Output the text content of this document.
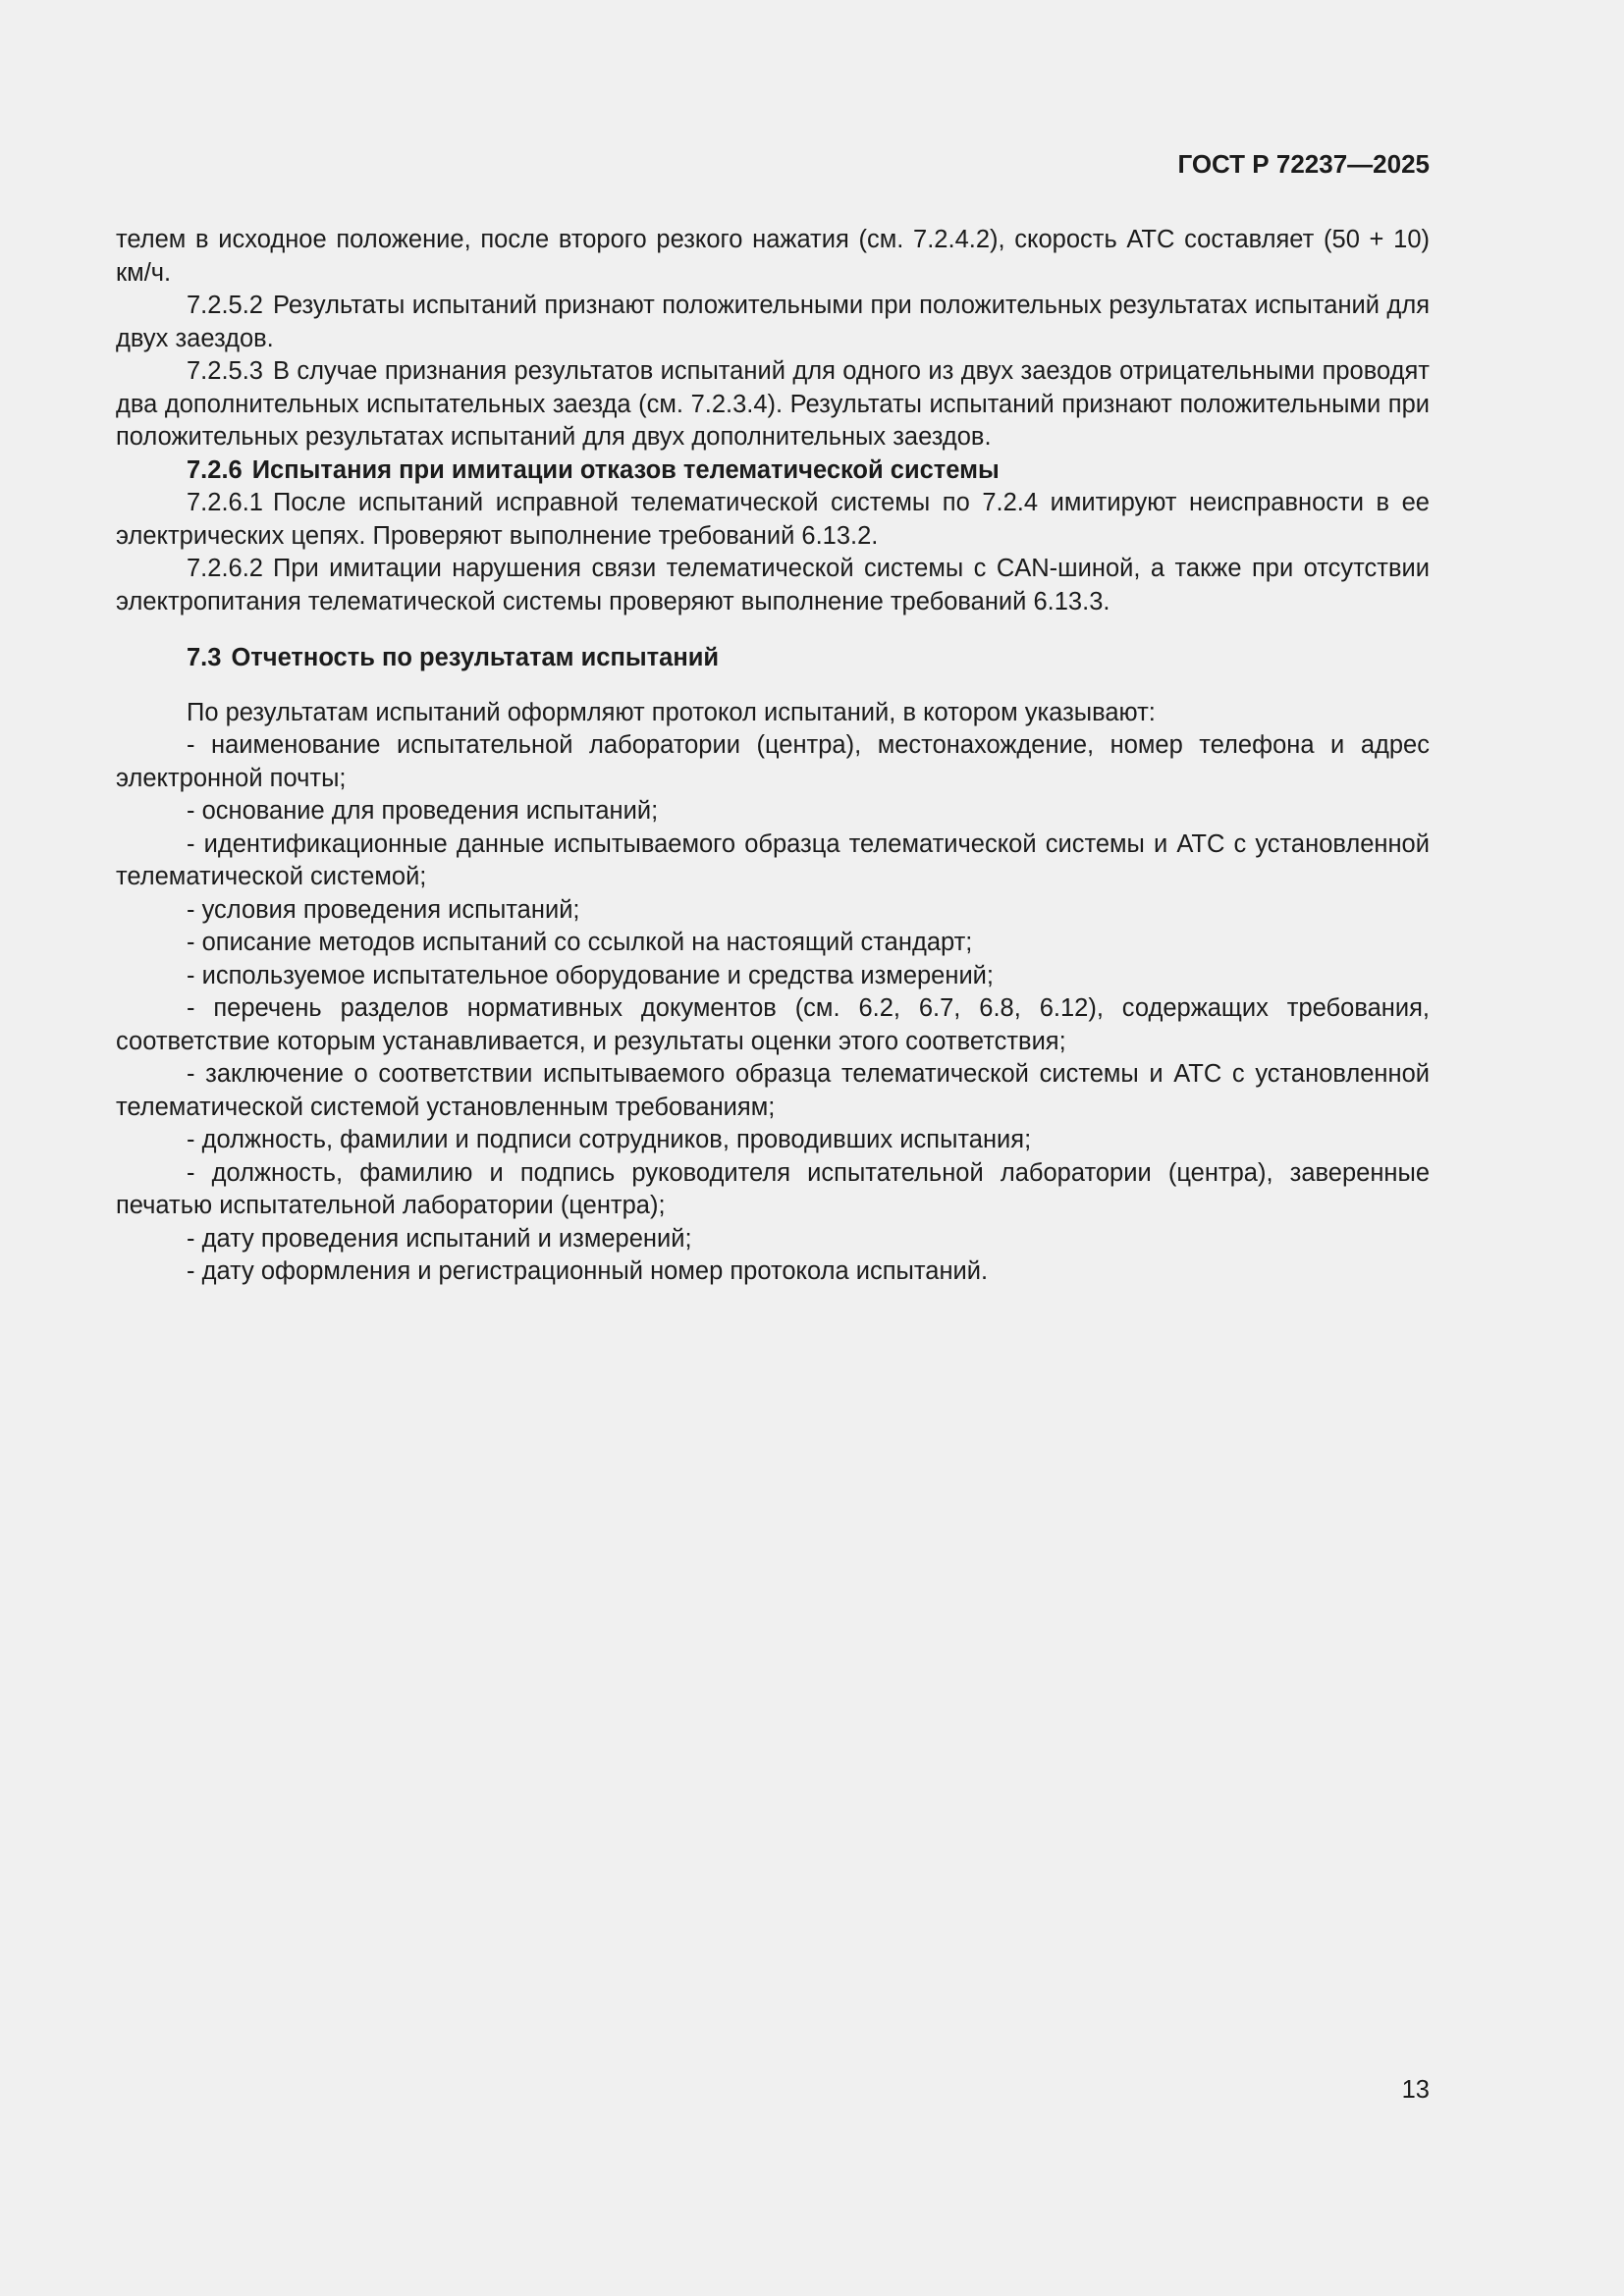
ГОСТ Р 72237—2025

телем в исходное положение, после второго резкого нажатия (см. 7.2.4.2), скорость АТС составляет (50 + 10) км/ч.

7.2.5.2 Результаты испытаний признают положительными при положительных результатах испытаний для двух заездов.

7.2.5.3 В случае признания результатов испытаний для одного из двух заездов отрицательными проводят два дополнительных испытательных заезда (см. 7.2.3.4). Результаты испытаний признают положительными при положительных результатах испытаний для двух дополнительных заездов.

7.2.6 Испытания при имитации отказов телематической системы

7.2.6.1 После испытаний исправной телематической системы по 7.2.4 имитируют неисправности в ее электрических цепях. Проверяют выполнение требований 6.13.2.

7.2.6.2 При имитации нарушения связи телематической системы с CAN-шиной, а также при отсутствии электропитания телематической системы проверяют выполнение требований 6.13.3.

7.3 Отчетность по результатам испытаний

По результатам испытаний оформляют протокол испытаний, в котором указывают:

- наименование испытательной лаборатории (центра), местонахождение, номер телефона и адрес электронной почты;

- основание для проведения испытаний;

- идентификационные данные испытываемого образца телематической системы и АТС с установленной телематической системой;

- условия проведения испытаний;

- описание методов испытаний со ссылкой на настоящий стандарт;

- используемое испытательное оборудование и средства измерений;

- перечень разделов нормативных документов (см. 6.2, 6.7, 6.8, 6.12), содержащих требования, соответствие которым устанавливается, и результаты оценки этого соответствия;

- заключение о соответствии испытываемого образца телематической системы и АТС с установленной телематической системой установленным требованиям;

- должность, фамилии и подписи сотрудников, проводивших испытания;

- должность, фамилию и подпись руководителя испытательной лаборатории (центра), заверенные печатью испытательной лаборатории (центра);

- дату проведения испытаний и измерений;

- дату оформления и регистрационный номер протокола испытаний.

13
